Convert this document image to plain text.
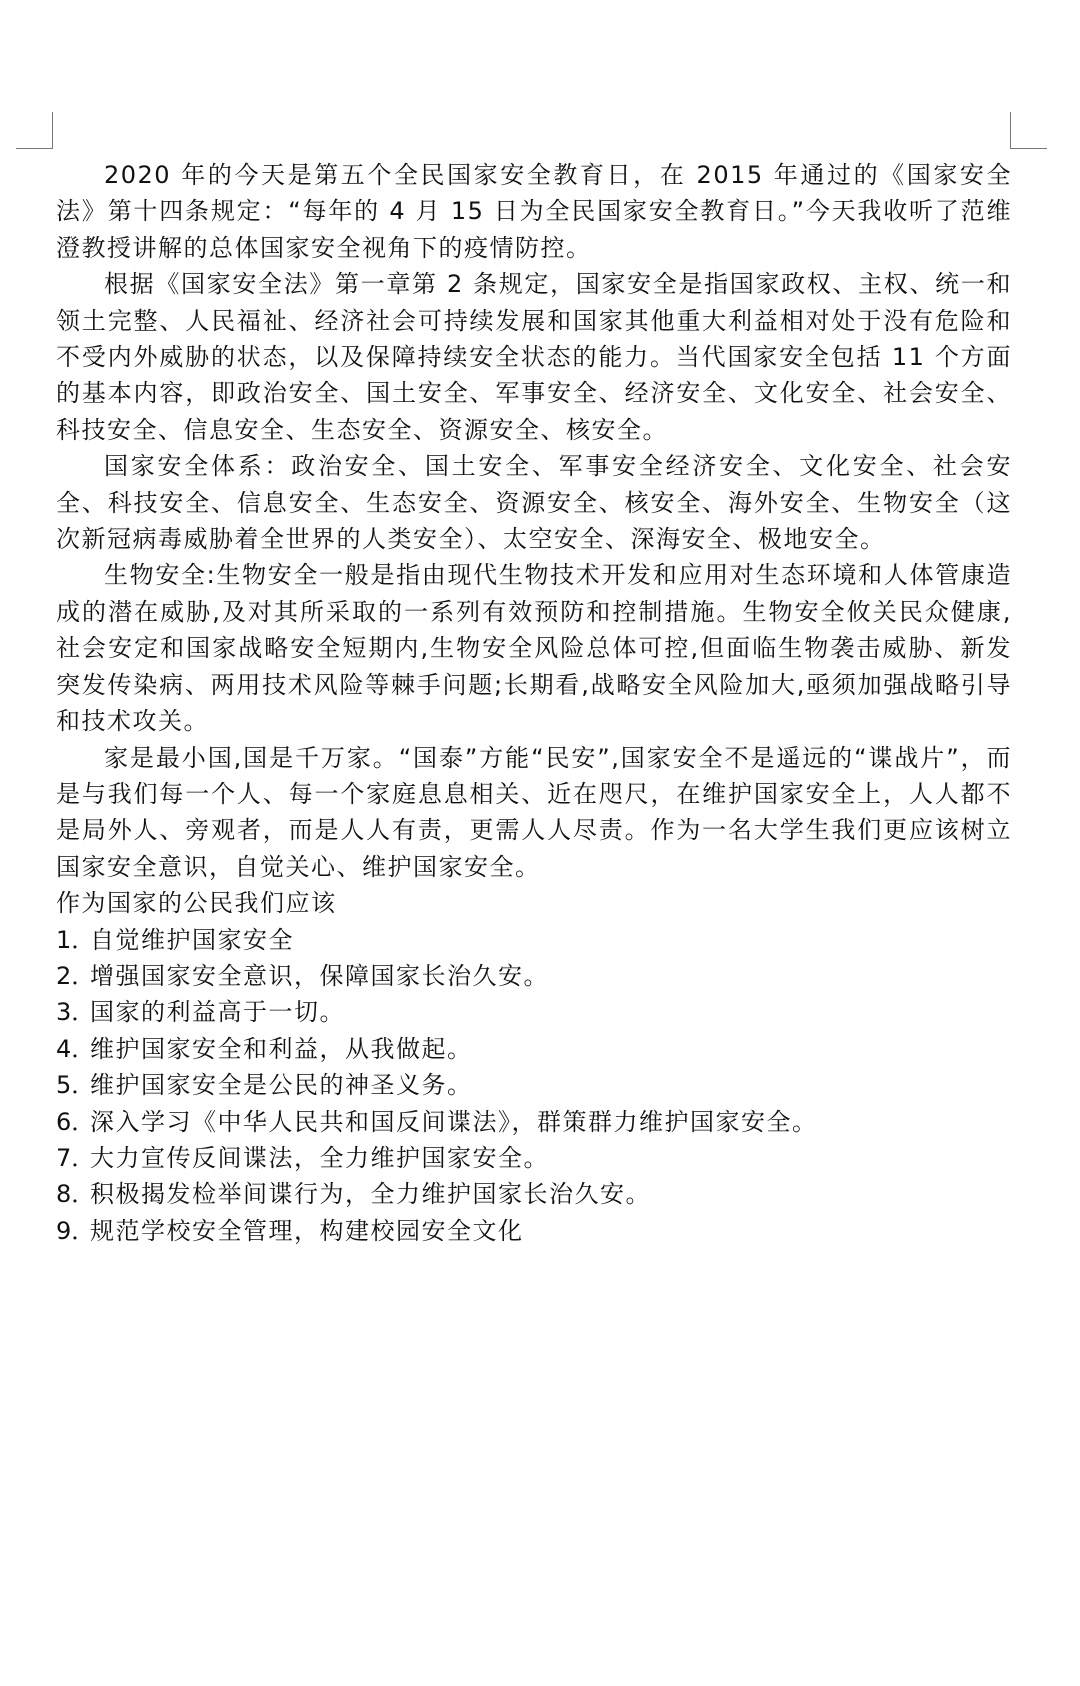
2020 年的今天是第五个全民国家安全教育日，在 2015 年通过的《国家安全法》第十四条规定：“每年的 4 月 15 日为全民国家安全教育日。”今天我收听了范维澄教授讲解的总体国家安全视角下的疫情防控。

根据《国家安全法》第一章第 2 条规定，国家安全是指国家政权、主权、统一和领土完整、人民福祉、经济社会可持续发展和国家其他重大利益相对处于没有危险和不受内外威胁的状态，以及保障持续安全状态的能力。当代国家安全包括 11 个方面的基本内容，即政治安全、国土安全、军事安全、经济安全、文化安全、社会安全、科技安全、信息安全、生态安全、资源安全、核安全。

国家安全体系：政治安全、国土安全、军事安全经济安全、文化安全、社会安全、科技安全、信息安全、生态安全、资源安全、核安全、海外安全、生物安全（这次新冠病毒威胁着全世界的人类安全）、太空安全、深海安全、极地安全。

生物安全:生物安全一般是指由现代生物技术开发和应用对生态环境和人体管康造成的潜在威胁,及对其所采取的一系列有效预防和控制措施。生物安全攸关民众健康,社会安定和国家战略安全短期内,生物安全风险总体可控,但面临生物袭击威胁、新发突发传染病、两用技术风险等棘手问题;长期看,战略安全风险加大,亟须加强战略引导和技术攻关。

家是最小国,国是千万家。“国泰”方能“民安”,国家安全不是遥远的“谍战片”，而是与我们每一个人、每一个家庭息息相关、近在咫尺，在维护国家安全上，人人都不是局外人、旁观者，而是人人有责，更需人人尽责。作为一名大学生我们更应该树立国家安全意识，自觉关心、维护国家安全。

作为国家的公民我们应该

1．自觉维护国家安全

2．增强国家安全意识，保障国家长治久安。

3．国家的利益高于一切。

4．维护国家安全和利益，从我做起。

5．维护国家安全是公民的神圣义务。

6．深入学习《中华人民共和国反间谍法》，群策群力维护国家安全。

7．大力宣传反间谍法，全力维护国家安全。

8．积极揭发检举间谍行为，全力维护国家长治久安。

9．规范学校安全管理，构建校园安全文化
